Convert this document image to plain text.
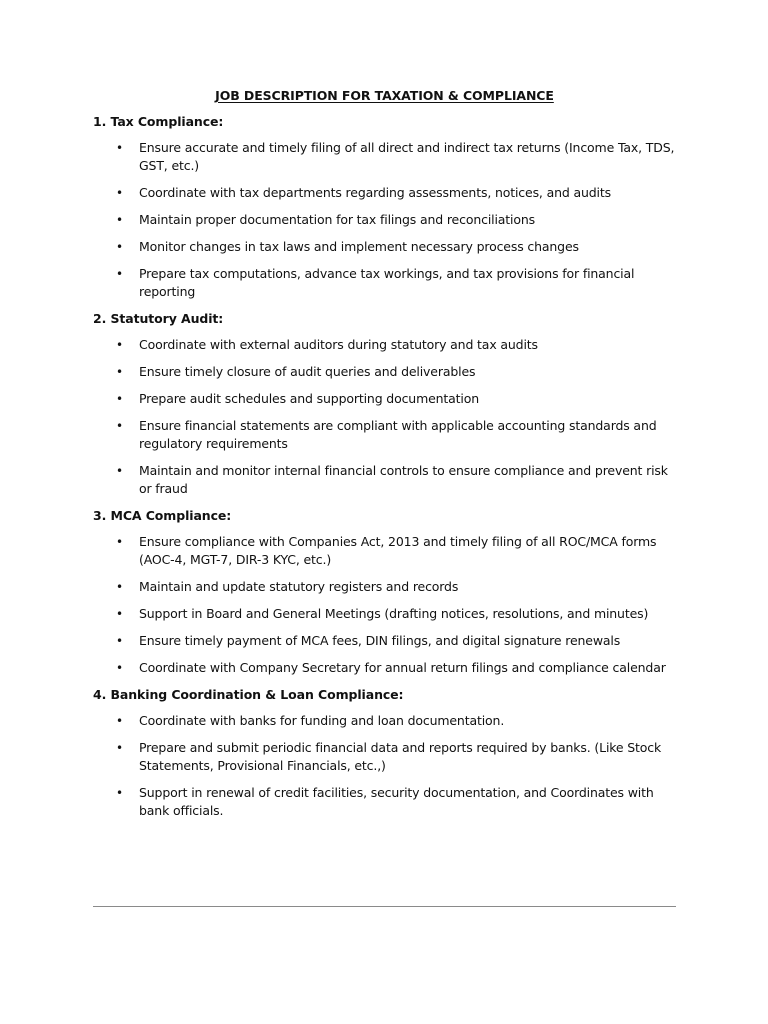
JOB DESCRIPTION FOR TAXATION & COMPLIANCE
1. Tax Compliance:
• Ensure accurate and timely filing of all direct and indirect tax returns (Income Tax, TDS, GST, etc.)
• Coordinate with tax departments regarding assessments, notices, and audits
• Maintain proper documentation for tax filings and reconciliations
• Monitor changes in tax laws and implement necessary process changes
• Prepare tax computations, advance tax workings, and tax provisions for financial reporting
2. Statutory Audit:
• Coordinate with external auditors during statutory and tax audits
• Ensure timely closure of audit queries and deliverables
• Prepare audit schedules and supporting documentation
• Ensure financial statements are compliant with applicable accounting standards and regulatory requirements
• Maintain and monitor internal financial controls to ensure compliance and prevent risk or fraud
3. MCA Compliance:
• Ensure compliance with Companies Act, 2013 and timely filing of all ROC/MCA forms (AOC-4, MGT-7, DIR-3 KYC, etc.)
• Maintain and update statutory registers and records
• Support in Board and General Meetings (drafting notices, resolutions, and minutes)
• Ensure timely payment of MCA fees, DIN filings, and digital signature renewals
• Coordinate with Company Secretary for annual return filings and compliance calendar
4. Banking Coordination & Loan Compliance:
• Coordinate with banks for funding and loan documentation.
• Prepare and submit periodic financial data and reports required by banks. (Like Stock Statements, Provisional Financials, etc.,)
• Support in renewal of credit facilities, security documentation, and Coordinates with bank officials.
